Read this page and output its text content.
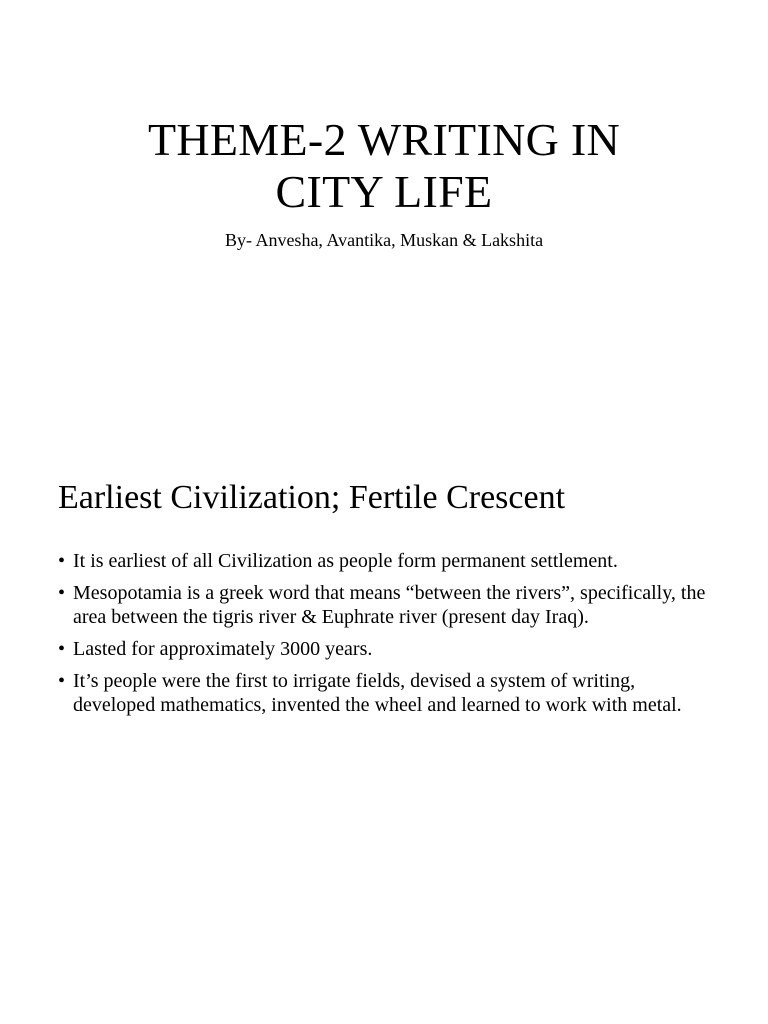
THEME-2 WRITING IN
CITY LIFE

By- Anvesha, Avantika, Muskan & Lakshita

Earliest Civilization; Fertile Crescent
• It is earliest of all Civilization as people form permanent settlement.
• Mesopotamia is a greek word that means “between the rivers”, specifically, the area between the tigris river & Euphrate river (present day Iraq).
• Lasted for approximately 3000 years.
• It’s people were the first to irrigate fields, devised a system of writing, developed mathematics, invented the wheel and learned to work with metal.
